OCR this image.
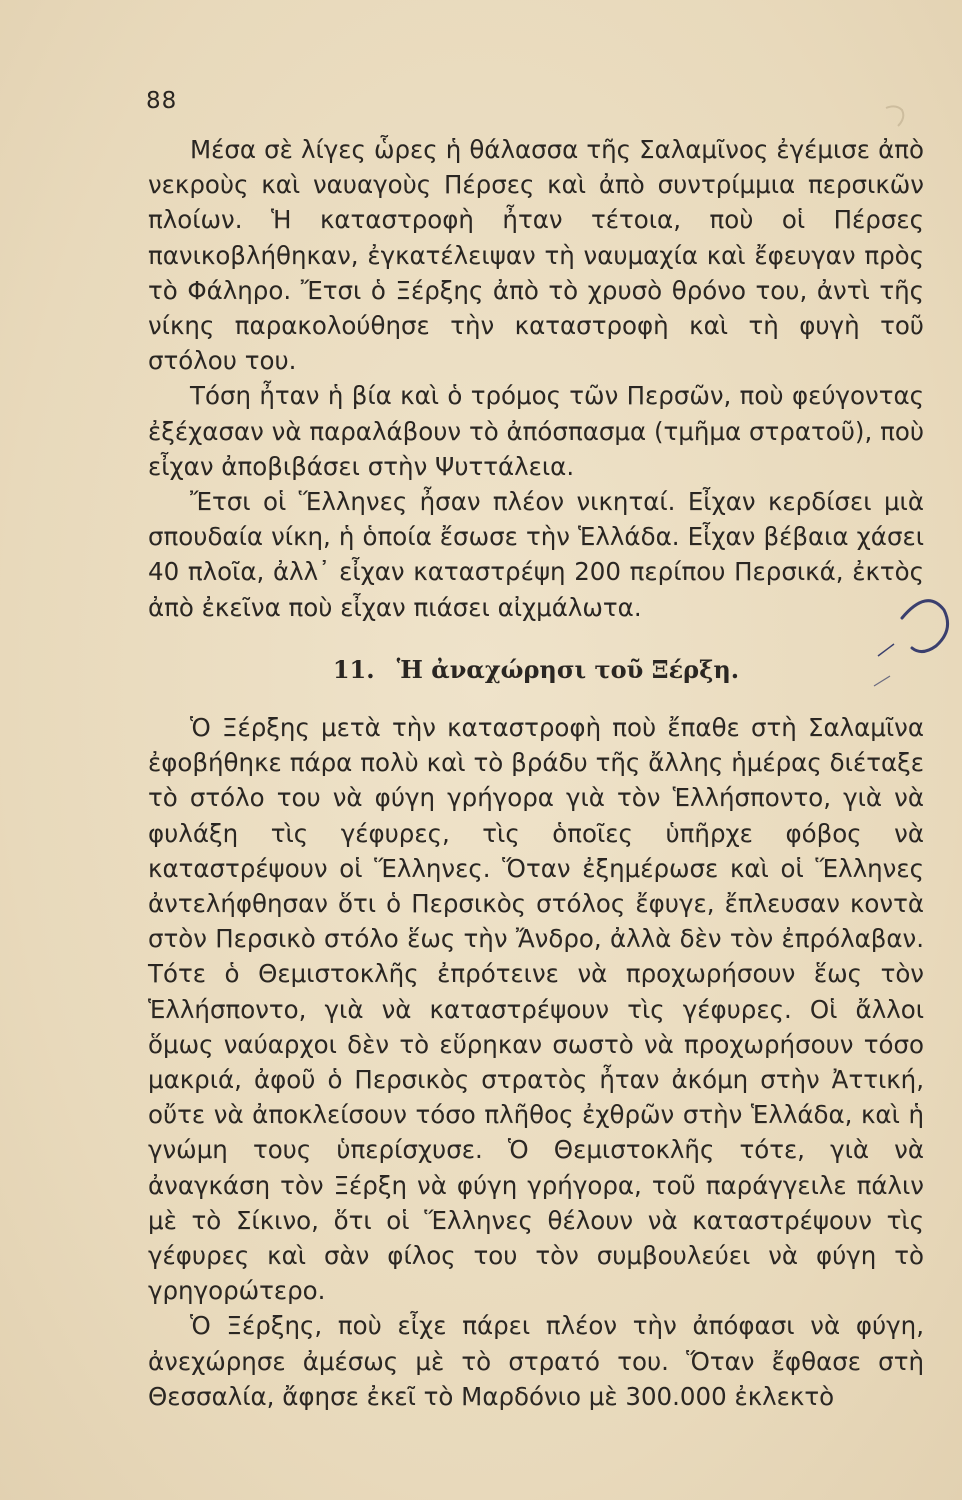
88

Μέσα σὲ λίγες ὧρες ἡ θάλασσα τῆς Σαλαμῖνος ἐγέμισε ἀπὸ νεκροὺς καὶ ναυαγοὺς Πέρσες καὶ ἀπὸ συντρίμμια περσικῶν πλοίων. Ἡ καταστροφὴ ἦταν τέτοια, ποὺ οἱ Πέρσες πανικοβλήθηκαν, ἐγκατέλειψαν τὴ ναυμαχία καὶ ἔφευγαν πρὸς τὸ Φάληρο. Ἔτσι ὁ Ξέρξης ἀπὸ τὸ χρυσὸ θρόνο του, ἀντὶ τῆς νίκης παρακολούθησε τὴν καταστροφὴ καὶ τὴ φυγὴ τοῦ στόλου του.

Τόση ἦταν ἡ βία καὶ ὁ τρόμος τῶν Περσῶν, ποὺ φεύγοντας ἐξέχασαν νὰ παραλάβουν τὸ ἀπόσπασμα (τμῆμα στρατοῦ), ποὺ εἶχαν ἀποβιβάσει στὴν Ψυττάλεια.

Ἔτσι οἱ Ἕλληνες ἦσαν πλέον νικηταί. Εἶχαν κερδίσει μιὰ σπουδαία νίκη, ἡ ὁποία ἔσωσε τὴν Ἑλλάδα. Εἶχαν βέβαια χάσει 40 πλοῖα, ἀλλ᾽ εἶχαν καταστρέψη 200 περίπου Περσικά, ἐκτὸς ἀπὸ ἐκεῖνα ποὺ εἶχαν πιάσει αἰχμάλωτα.

11. Ἡ ἀναχώρησι τοῦ Ξέρξη.

Ὁ Ξέρξης μετὰ τὴν καταστροφὴ ποὺ ἔπαθε στὴ Σαλαμῖνα ἐφοβήθηκε πάρα πολὺ καὶ τὸ βράδυ τῆς ἄλλης ἡμέρας διέταξε τὸ στόλο του νὰ φύγη γρήγορα γιὰ τὸν Ἑλλήσποντο, γιὰ νὰ φυλάξη τὶς γέφυρες, τὶς ὁποῖες ὑπῆρχε φόβος νὰ καταστρέψουν οἱ Ἕλληνες. Ὅταν ἐξημέρωσε καὶ οἱ Ἕλληνες ἀντελήφθησαν ὅτι ὁ Περσικὸς στόλος ἔφυγε, ἔπλευσαν κοντὰ στὸν Περσικὸ στόλο ἕως τὴν Ἄνδρο, ἀλλὰ δὲν τὸν ἐπρόλαβαν. Τότε ὁ Θεμιστοκλῆς ἐπρότεινε νὰ προχωρήσουν ἕως τὸν Ἑλλήσποντο, γιὰ νὰ καταστρέψουν τὶς γέφυρες. Οἱ ἄλλοι ὅμως ναύαρχοι δὲν τὸ εὕρηκαν σωστὸ νὰ προχωρήσουν τόσο μακριά, ἀφοῦ ὁ Περσικὸς στρατὸς ἦταν ἀκόμη στὴν Ἀττική, οὔτε νὰ ἀποκλείσουν τόσο πλῆθος ἐχθρῶν στὴν Ἑλλάδα, καὶ ἡ γνώμη τους ὑπερίσχυσε. Ὁ Θεμιστοκλῆς τότε, γιὰ νὰ ἀναγκάση τὸν Ξέρξη νὰ φύγη γρήγορα, τοῦ παράγγειλε πάλιν μὲ τὸ Σίκινο, ὅτι οἱ Ἕλληνες θέλουν νὰ καταστρέψουν τὶς γέφυρες καὶ σὰν φίλος του τὸν συμβουλεύει νὰ φύγη τὸ γρηγορώτερο.

Ὁ Ξέρξης, ποὺ εἶχε πάρει πλέον τὴν ἀπόφασι νὰ φύγη, ἀνεχώρησε ἀμέσως μὲ τὸ στρατό του. Ὅταν ἔφθασε στὴ Θεσσαλία, ἄφησε ἐκεῖ τὸ Μαρδόνιο μὲ 300.000 ἐκλεκτὸ
